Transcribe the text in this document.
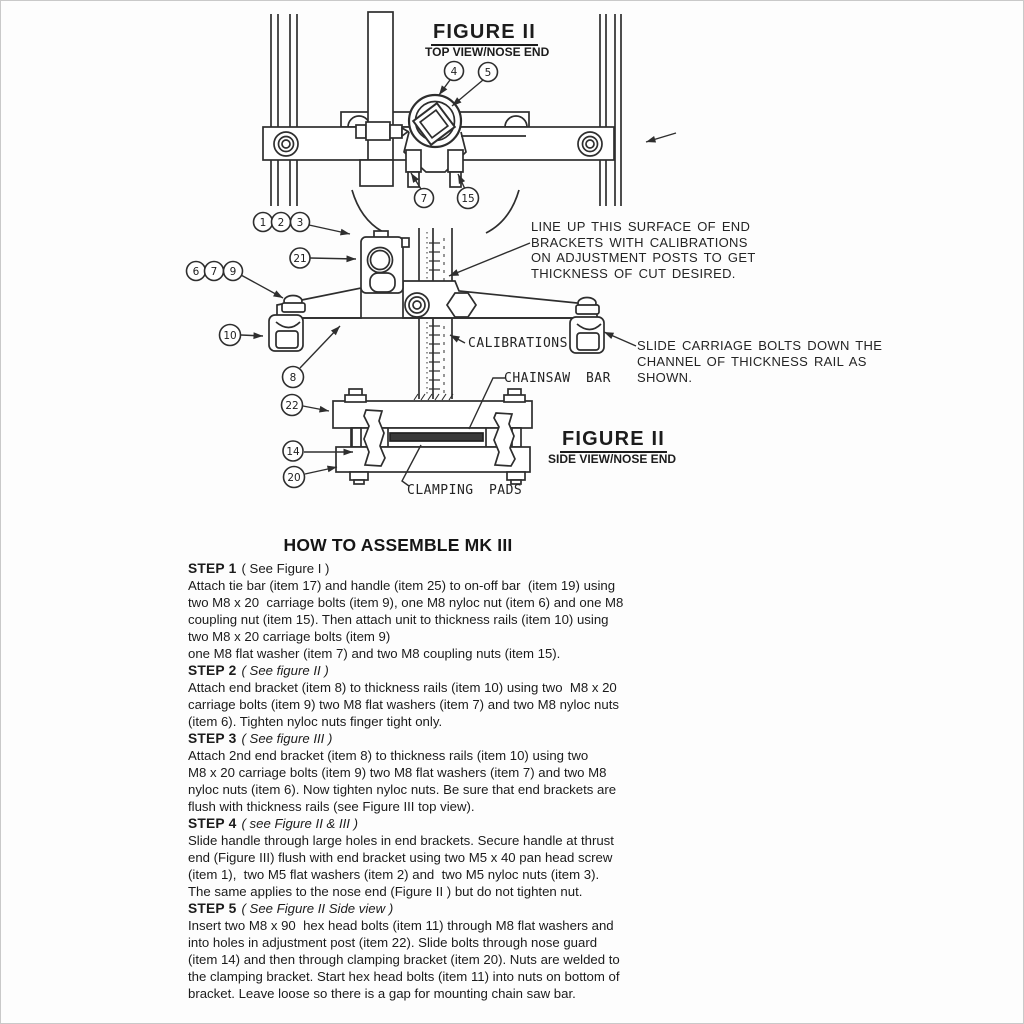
4	5
7	15
1 2 3
21
6 7 9
10
8
22
14
20
FIGURE II
TOP VIEW/NOSE END
FIGURE II
SIDE VIEW/NOSE END
LINE UP THIS SURFACE OF END
BRACKETS WITH CALIBRATIONS
ON ADJUSTMENT POSTS TO GET
THICKNESS OF CUT DESIRED.
SLIDE CARRIAGE BOLTS DOWN THE
CHANNEL OF THICKNESS RAIL AS
SHOWN.
CALIBRATIONS
CHAINSAW BAR
CLAMPING PADS
HOW TO ASSEMBLE MK III
STEP 1 ( See Figure I )
Attach tie bar (item 17) and handle (item 25) to on-off bar  (item 19) using
two M8 x 20  carriage bolts (item 9), one M8 nyloc nut (item 6) and one M8
coupling nut (item 15). Then attach unit to thickness rails (item 10) using
two M8 x 20 carriage bolts (item 9)
one M8 flat washer (item 7) and two M8 coupling nuts (item 15).
STEP 2 ( See figure II )
Attach end bracket (item 8) to thickness rails (item 10) using two  M8 x 20
carriage bolts (item 9) two M8 flat washers (item 7) and two M8 nyloc nuts
(item 6). Tighten nyloc nuts finger tight only.
STEP 3 ( See figure III )
Attach 2nd end bracket (item 8) to thickness rails (item 10) using two
M8 x 20 carriage bolts (item 9) two M8 flat washers (item 7) and two M8
nyloc nuts (item 6). Now tighten nyloc nuts. Be sure that end brackets are
flush with thickness rails (see Figure III top view).
STEP 4 ( see Figure II & III )
Slide handle through large holes in end brackets. Secure handle at thrust
end (Figure III) flush with end bracket using two M5 x 40 pan head screw
(item 1),  two M5 flat washers (item 2) and  two M5 nyloc nuts (item 3).
The same applies to the nose end (Figure II ) but do not tighten nut.
STEP 5 ( See Figure II Side view )
Insert two M8 x 90  hex head bolts (item 11) through M8 flat washers and
into holes in adjustment post (item 22). Slide bolts through nose guard
(item 14) and then through clamping bracket (item 20). Nuts are welded to
the clamping bracket. Start hex head bolts (item 11) into nuts on bottom of
bracket. Leave loose so there is a gap for mounting chain saw bar.
